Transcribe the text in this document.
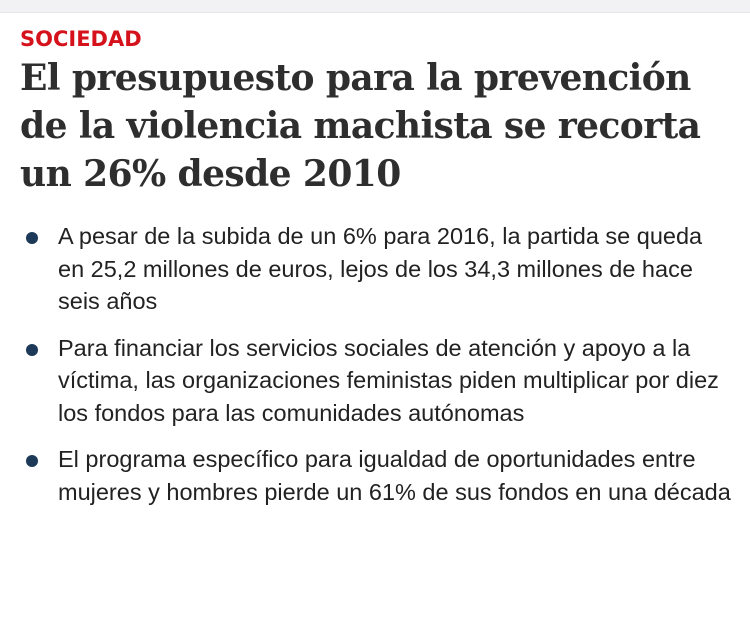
SOCIEDAD
El presupuesto para la prevención de la violencia machista se recorta un 26% desde 2010
A pesar de la subida de un 6% para 2016, la partida se queda en 25,2 millones de euros, lejos de los 34,3 millones de hace seis años
Para financiar los servicios sociales de atención y apoyo a la víctima, las organizaciones feministas piden multiplicar por diez los fondos para las comunidades autónomas
El programa específico para igualdad de oportunidades entre mujeres y hombres pierde un 61% de sus fondos en una década
